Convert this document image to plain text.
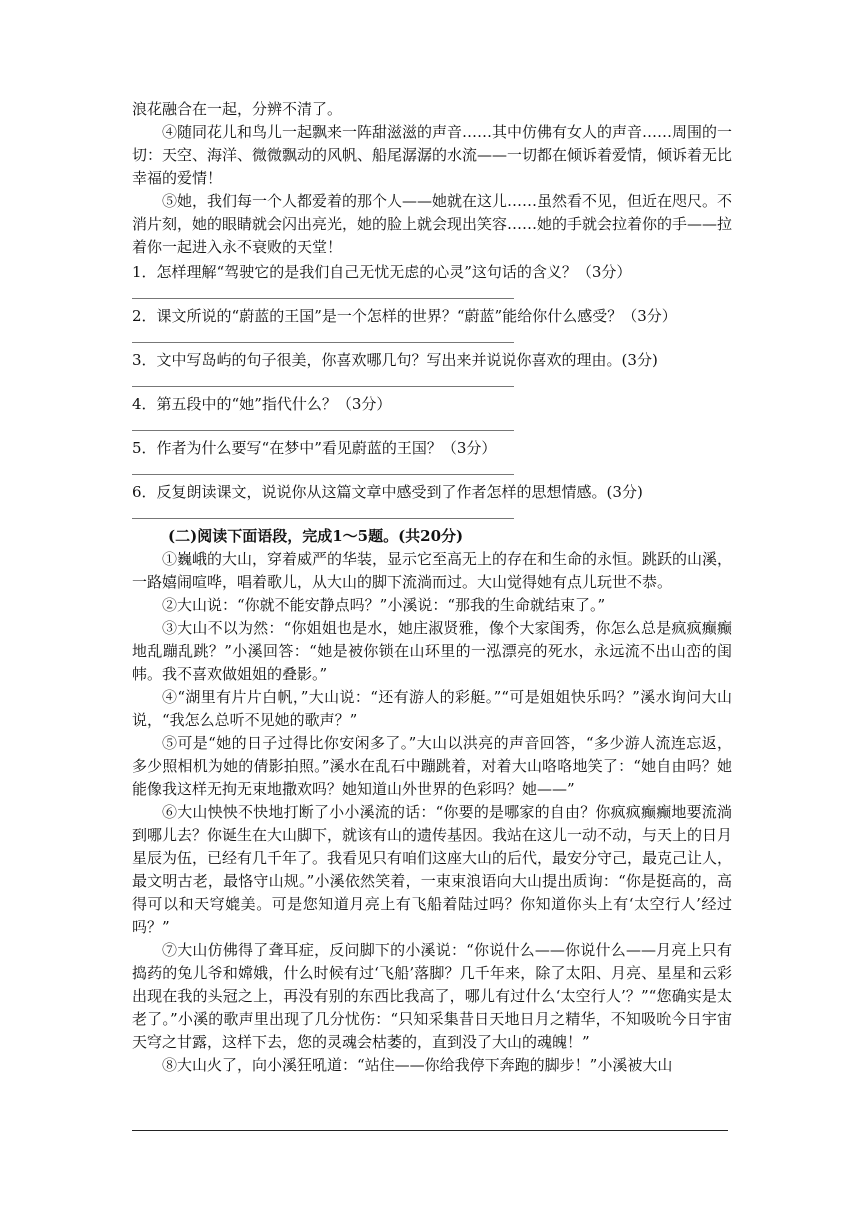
浪花融合在一起，分辨不清了。

④随同花儿和鸟儿一起飘来一阵甜滋滋的声音……其中仿佛有女人的声音……周围的一切：天空、海洋、微微飘动的风帆、船尾潺潺的水流——一切都在倾诉着爱情，倾诉着无比幸福的爱情！

⑤她，我们每一个人都爱着的那个人——她就在这儿……虽然看不见，但近在咫尺。不消片刻，她的眼睛就会闪出亮光，她的脸上就会现出笑容……她的手就会拉着你的手——拉着你一起进入永不衰败的天堂！

1．怎样理解“驾驶它的是我们自己无忧无虑的心灵”这句话的含义？（3分）

2．课文所说的“蔚蓝的王国”是一个怎样的世界？“蔚蓝”能给你什么感受？（3分）

3．文中写岛屿的句子很美，你喜欢哪几句？写出来并说说你喜欢的理由。(3分)

4．第五段中的“她”指代什么？（3分）

5．作者为什么要写“在梦中”看见蔚蓝的王国？（3分）

6．反复朗读课文，说说你从这篇文章中感受到了作者怎样的思想情感。(3分)

(二)阅读下面语段，完成1～5题。(共20分)

①巍峨的大山，穿着威严的华装，显示它至高无上的存在和生命的永恒。跳跃的山溪，一路嬉闹喧哗，唱着歌儿，从大山的脚下流淌而过。大山觉得她有点儿玩世不恭。

②大山说：“你就不能安静点吗？”小溪说：“那我的生命就结束了。”

③大山不以为然：“你姐姐也是水，她庄淑贤雅，像个大家闺秀，你怎么总是疯疯癫癫地乱蹦乱跳？”小溪回答：“她是被你锁在山环里的一泓漂亮的死水，永远流不出山峦的闺帏。我不喜欢做姐姐的叠影。”

④“湖里有片片白帆，”大山说：“还有游人的彩艇。”“可是姐姐快乐吗？”溪水询问大山说，“我怎么总听不见她的歌声？”

⑤可是“她的日子过得比你安闲多了。”大山以洪亮的声音回答，“多少游人流连忘返，多少照相机为她的倩影拍照。”溪水在乱石中蹦跳着，对着大山咯咯地笑了：“她自由吗？她能像我这样无拘无束地撒欢吗？她知道山外世界的色彩吗？她——”

⑥大山怏怏不快地打断了小小溪流的话：“你要的是哪家的自由？你疯疯癫癫地要流淌到哪儿去？你诞生在大山脚下，就该有山的遗传基因。我站在这儿一动不动，与天上的日月星辰为伍，已经有几千年了。我看见只有咱们这座大山的后代，最安分守己，最克己让人，最文明古老，最恪守山规。”小溪依然笑着，一束束浪语向大山提出质询：“你是挺高的，高得可以和天穹媲美。可是您知道月亮上有飞船着陆过吗？你知道你头上有‘太空行人’经过吗？”

⑦大山仿佛得了聋耳症，反问脚下的小溪说：“你说什么——你说什么——月亮上只有捣药的兔儿爷和嫦娥，什么时候有过‘飞船’落脚？几千年来，除了太阳、月亮、星星和云彩出现在我的头冠之上，再没有别的东西比我高了，哪儿有过什么‘太空行人’？”“您确实是太老了。”小溪的歌声里出现了几分忧伤：“只知采集昔日天地日月之精华，不知吸吮今日宇宙天穹之甘露，这样下去，您的灵魂会枯萎的，直到没了大山的魂魄！”

⑧大山火了，向小溪狂吼道：“站住——你给我停下奔跑的脚步！”小溪被大山
